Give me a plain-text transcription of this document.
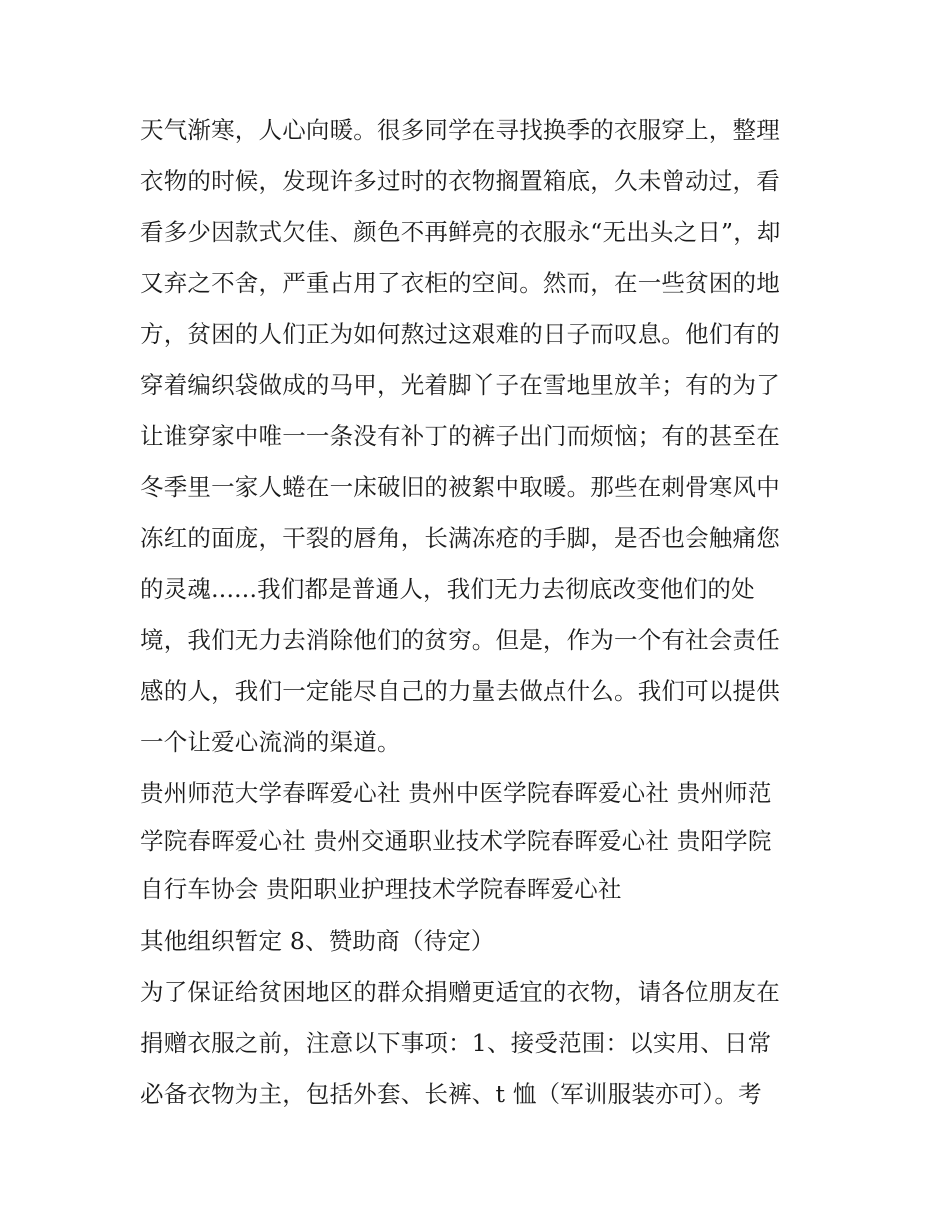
天气渐寒，人心向暖。很多同学在寻找换季的衣服穿上，整理
衣物的时候，发现许多过时的衣物搁置箱底，久未曾动过，看
看多少因款式欠佳、颜色不再鲜亮的衣服永“无出头之日”，却
又弃之不舍，严重占用了衣柜的空间。然而，在一些贫困的地
方，贫困的人们正为如何熬过这艰难的日子而叹息。他们有的
穿着编织袋做成的马甲，光着脚丫子在雪地里放羊；有的为了
让谁穿家中唯一一条没有补丁的裤子出门而烦恼；有的甚至在
冬季里一家人蜷在一床破旧的被絮中取暖。那些在刺骨寒风中
冻红的面庞，干裂的唇角，长满冻疮的手脚，是否也会触痛您
的灵魂......我们都是普通人，我们无力去彻底改变他们的处
境，我们无力去消除他们的贫穷。但是，作为一个有社会责任
感的人，我们一定能尽自己的力量去做点什么。我们可以提供
一个让爱心流淌的渠道。
贵州师范大学春晖爱心社 贵州中医学院春晖爱心社 贵州师范
学院春晖爱心社 贵州交通职业技术学院春晖爱心社 贵阳学院
自行车协会 贵阳职业护理技术学院春晖爱心社
其他组织暂定 8、赞助商（待定）
为了保证给贫困地区的群众捐赠更适宜的衣物，请各位朋友在
捐赠衣服之前，注意以下事项：1、接受范围：以实用、日常
必备衣物为主，包括外套、长裤、t 恤（军训服装亦可）。考
